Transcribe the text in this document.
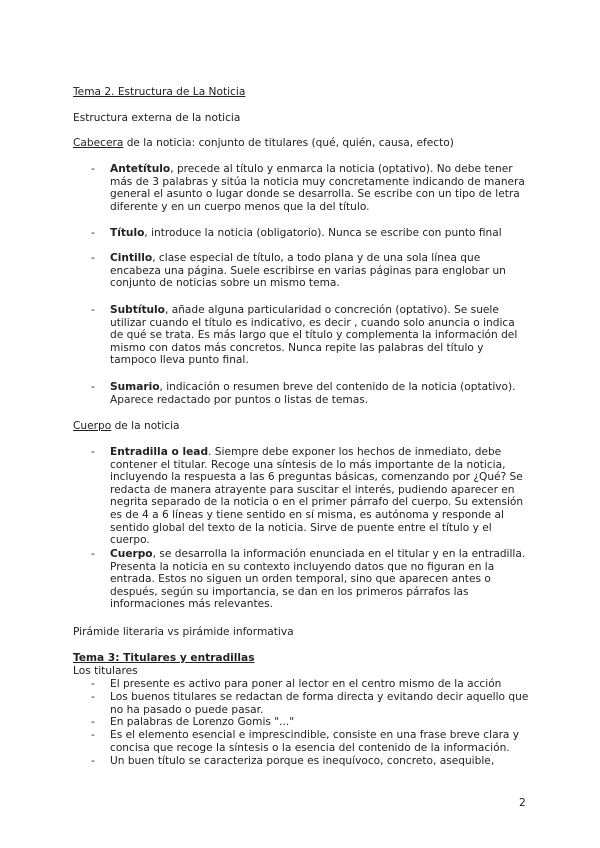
Tema 2. Estructura de La Noticia
Estructura externa de la noticia
Cabecera de la noticia: conjunto de titulares (qué, quién, causa, efecto)
- Antetítulo, precede al título y enmarca la noticia (optativo). No debe tener más de 3 palabras y sitúa la noticia muy concretamente indicando de manera general el asunto o lugar donde se desarrolla. Se escribe con un tipo de letra diferente y en un cuerpo menos que la del título.
- Título, introduce la noticia (obligatorio). Nunca se escribe con punto final
- Cintillo, clase especial de título, a todo plana y de una sola línea que encabeza una página. Suele escribirse en varias páginas para englobar un conjunto de noticias sobre un mismo tema.
- Subtítulo, añade alguna particularidad o concreción (optativo). Se suele utilizar cuando el título es indicativo, es decir , cuando solo anuncia o indica de qué se trata. Es más largo que el título y complementa la información del mismo con datos más concretos. Nunca repite las palabras del título y tampoco lleva punto final.
- Sumario, indicación o resumen breve del contenido de la noticia (optativo). Aparece redactado por puntos o listas de temas.
Cuerpo de la noticia
- Entradilla o lead. Siempre debe exponer los hechos de inmediato, debe contener el titular. Recoge una síntesis de lo más importante de la noticia, incluyendo la respuesta a las 6 preguntas básicas, comenzando por ¿Qué? Se redacta de manera atrayente para suscitar el interés, pudiendo aparecer en negrita separado de la noticia o en el primer párrafo del cuerpo. Su extensión es de 4 a 6 líneas y tiene sentido en sí misma, es autónoma y responde al sentido global del texto de la noticia. Sirve de puente entre el título y el cuerpo.
- Cuerpo, se desarrolla la información enunciada en el titular y en la entradilla. Presenta la noticia en su contexto incluyendo datos que no figuran en la entrada. Estos no siguen un orden temporal, sino que aparecen antes o después, según su importancia, se dan en los primeros párrafos las informaciones más relevantes.
Pirámide literaria vs pirámide informativa
Tema 3: Titulares y entradillas
Los titulares
- El presente es activo para poner al lector en el centro mismo de la acción
- Los buenos titulares se redactan de forma directa y evitando decir aquello que no ha pasado o puede pasar.
- En palabras de Lorenzo Gomis "..."
- Es el elemento esencial e imprescindible, consiste en una frase breve clara y concisa que recoge la síntesis o la esencia del contenido de la información.
- Un buen título se caracteriza porque es inequívoco, concreto, asequible,
2
